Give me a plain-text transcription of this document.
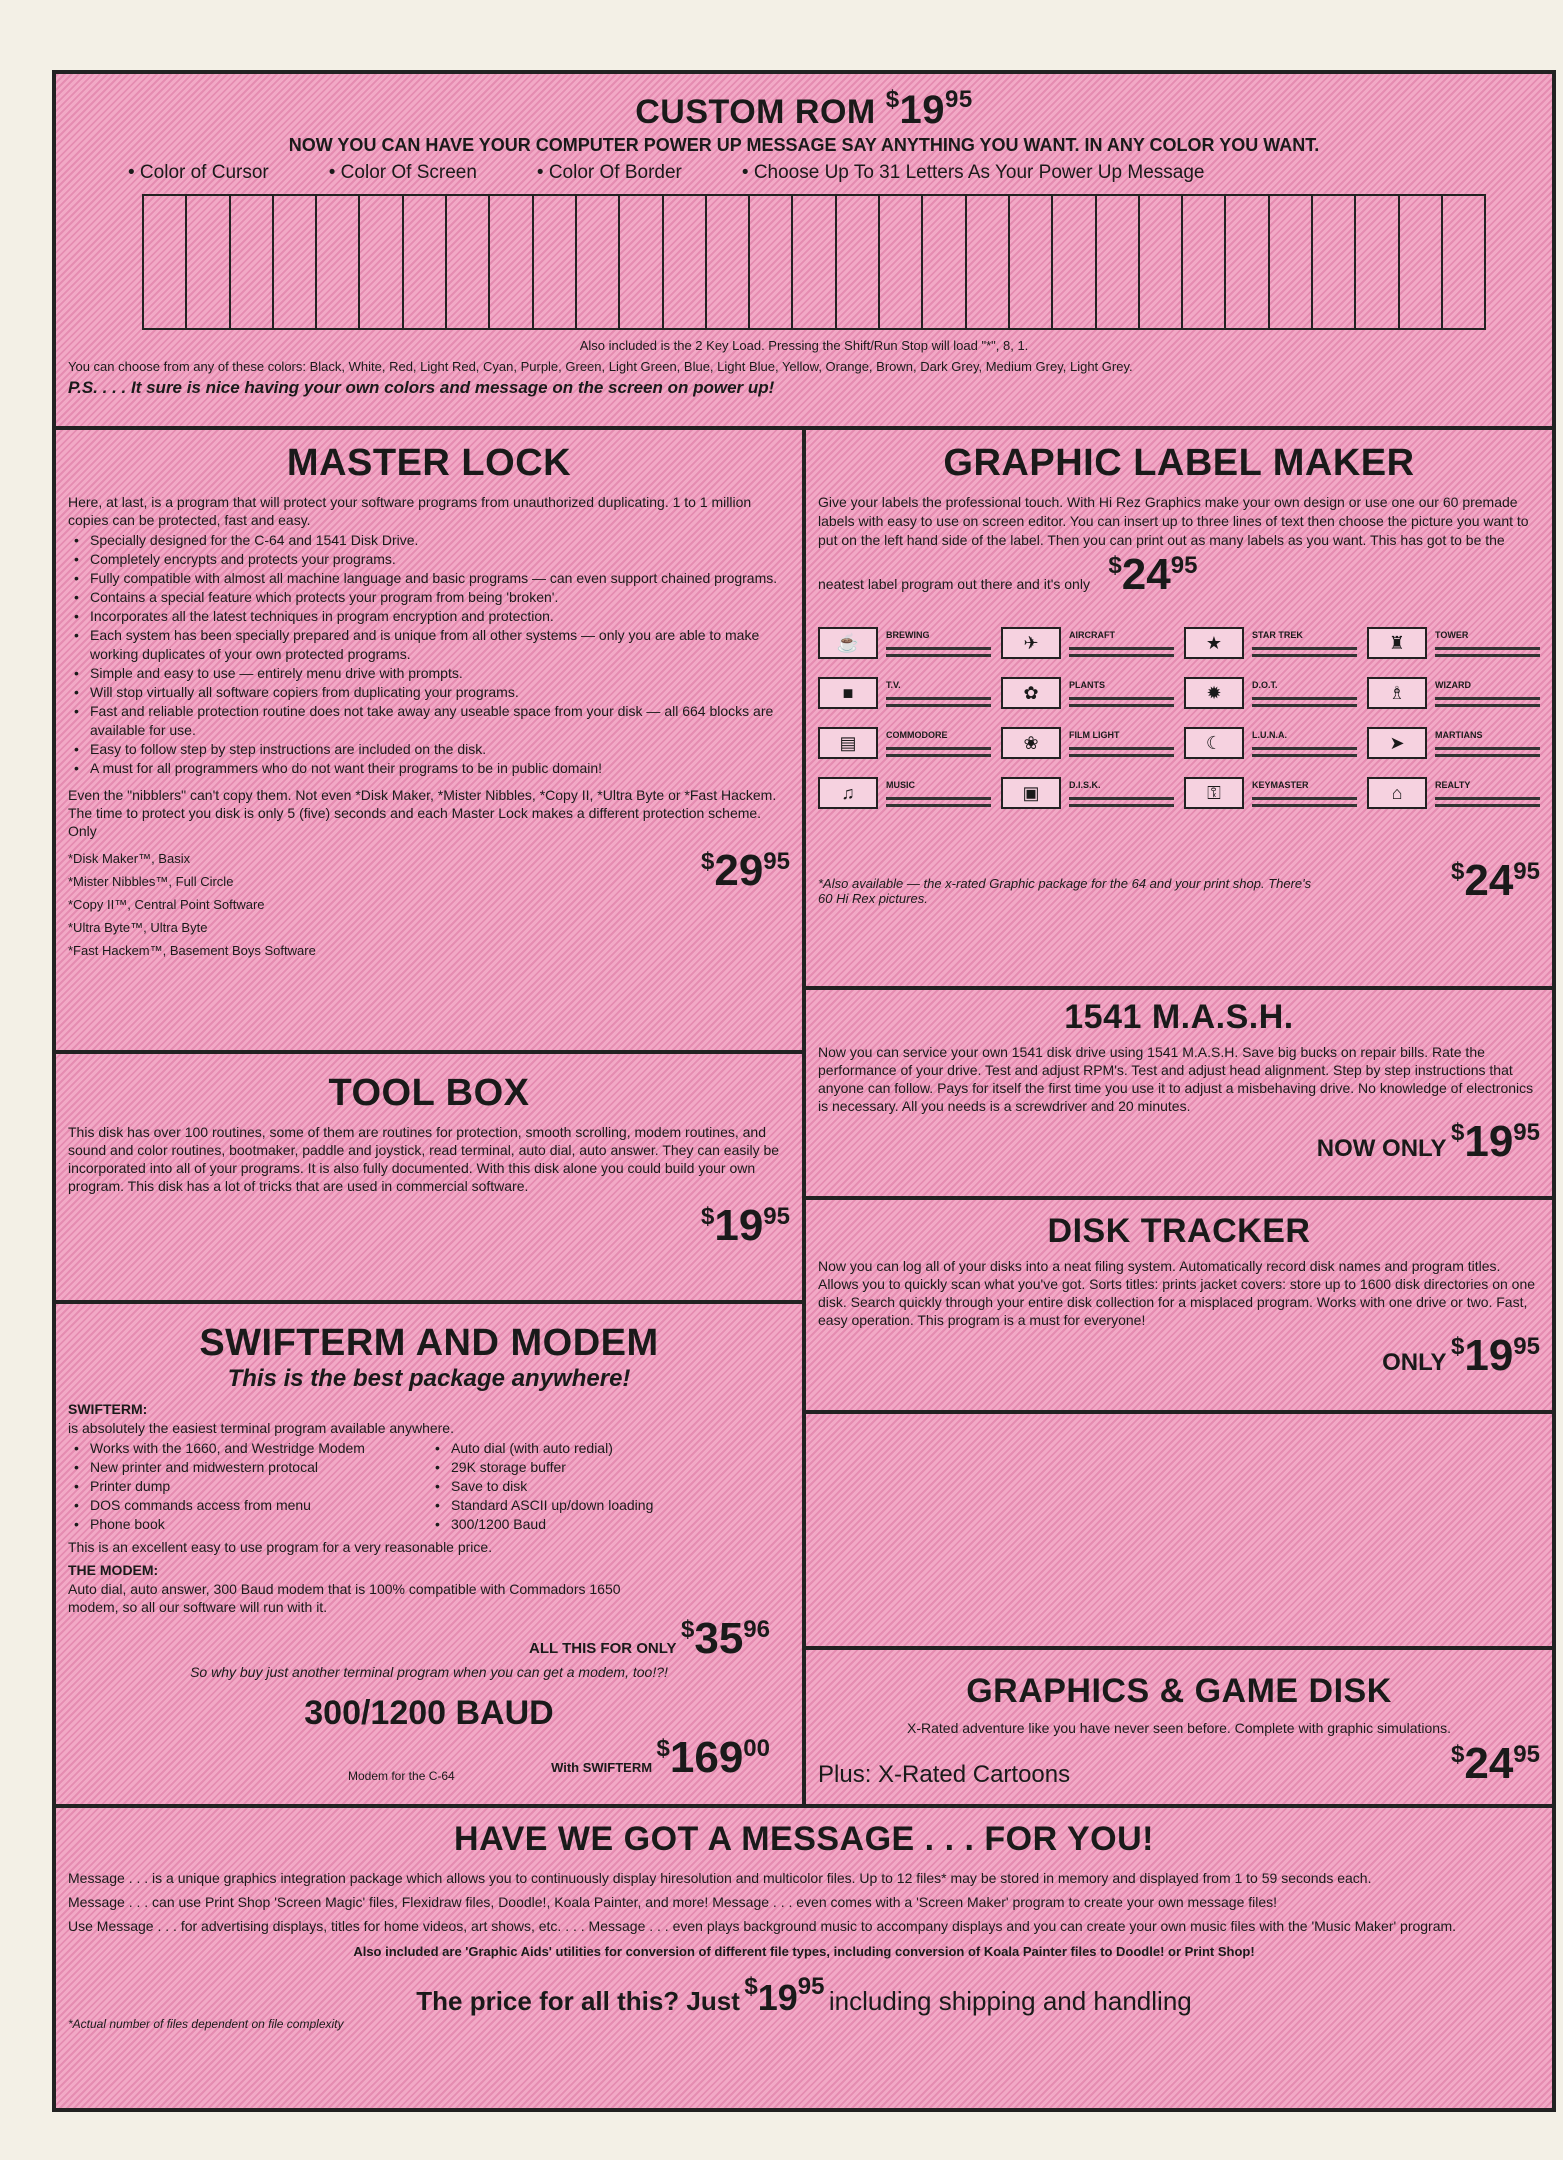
CUSTOM ROM $^{\$}19^{95}$
NOW YOU CAN HAVE YOUR COMPUTER POWER UP MESSAGE SAY ANYTHING YOU WANT. IN ANY COLOR YOU WANT.
• Color of Cursor	• Color Of Screen	• Color Of Border	• Choose Up To 31 Letters As Your Power Up Message
Also included is the 2 Key Load. Pressing the Shift/Run Stop will load "*", 8, 1.
You can choose from any of these colors: Black, White, Red, Light Red, Cyan, Purple, Green, Light Green, Blue, Light Blue, Yellow, Orange, Brown, Dark Grey, Medium Grey, Light Grey.
P.S. . . . It sure is nice having your own colors and message on the screen on power up!
MASTER LOCK
Here, at last, is a program that will protect your software programs from unauthorized duplicating. 1 to 1 million copies can be protected, fast and easy.
• Specially designed for the C-64 and 1541 Disk Drive.
• Completely encrypts and protects your programs.
• Fully compatible with almost all machine language and basic programs — can even support chained programs.
• Contains a special feature which protects your program from being 'broken'.
• Incorporates all the latest techniques in program encryption and protection.
• Each system has been specially prepared and is unique from all other systems — only you are able to make working duplicates of your own protected programs.
• Simple and easy to use — entirely menu drive with prompts.
• Will stop virtually all software copiers from duplicating your programs.
• Fast and reliable protection routine does not take away any useable space from your disk — all 664 blocks are available for use.
• Easy to follow step by step instructions are included on the disk.
• A must for all programmers who do not want their programs to be in public domain!
Even the "nibblers" can't copy them. Not even *Disk Maker, *Mister Nibbles, *Copy II, *Ultra Byte or *Fast Hackem. The time to protect you disk is only 5 (five) seconds and each Master Lock makes a different protection scheme. Only
*Disk Maker™, Basix
*Mister Nibbles™, Full Circle
*Copy II™, Central Point Software
*Ultra Byte™, Ultra Byte
*Fast Hackem™, Basement Boys Software
$^{\$}29^{95}$
GRAPHIC LABEL MAKER
Give your labels the professional touch. With Hi Rez Graphics make your own design or use one our 60 premade labels with easy to use on screen editor. You can insert up to three lines of text then choose the picture you want to put on the left hand side of the label. Then you can print out as many labels as you want. This has got to be the neatest label program out there and it's only $^{\$}24^{95}$
☕	BREWING	✈	AIRCRAFT	★	STAR TREK	♜	TOWER
■	T.V.	✿	PLANTS	✹	D.O.T.	♗	WIZARD
▤	COMMODORE	❀	FILM LIGHT	☾	L.U.N.A.	➤	MARTIANS
♫	MUSIC	▣	D.I.S.K.	⚿	KEYMASTER	⌂	REALTY
*Also available — the x-rated Graphic package for the 64 and your print shop. There's 60 Hi Rex pictures.
$^{\$}24^{95}$
1541 M.A.S.H.
Now you can service your own 1541 disk drive using 1541 M.A.S.H. Save big bucks on repair bills. Rate the performance of your drive. Test and adjust RPM's. Test and adjust head alignment. Step by step instructions that anyone can follow. Pays for itself the first time you use it to adjust a misbehaving drive. No knowledge of electronics is necessary. All you needs is a screwdriver and 20 minutes.
NOW ONLY $^{\$}19^{95}$
TOOL BOX
This disk has over 100 routines, some of them are routines for protection, smooth scrolling, modem routines, and sound and color routines, bootmaker, paddle and joystick, read terminal, auto dial, auto answer. They can easily be incorporated into all of your programs. It is also fully documented. With this disk alone you could build your own program. This disk has a lot of tricks that are used in commercial software.
$^{\$}19^{95}$	DISK TRACKER
Now you can log all of your disks into a neat filing system. Automatically record disk names and program titles. Allows you to quickly scan what you've got. Sorts titles: prints jacket covers: store up to 1600 disk directories on one disk. Search quickly through your entire disk collection for a misplaced program. Works with one drive or two. Fast, easy operation. This program is a must for everyone!
ONLY $^{\$}19^{95}$
SWIFTERM AND MODEM
This is the best package anywhere!
SWIFTERM:
is absolutely the easiest terminal program available anywhere.
• Works with the 1660, and Westridge Modem
• New printer and midwestern protocal
• Printer dump
• DOS commands access from menu
• Phone book
• Auto dial (with auto redial)
• 29K storage buffer
• Save to disk
• Standard ASCII up/down loading
• 300/1200 Baud
This is an excellent easy to use program for a very reasonable price.
THE MODEM:
Auto dial, auto answer, 300 Baud modem that is 100% compatible with Commadors 1650 modem, so all our software will run with it.
ALL THIS FOR ONLY $^{\$}35^{96}$
So why buy just another terminal program when you can get a modem, too!?!
300/1200 BAUD
Modem for the C-64
With SWIFTERM $^{\$}169^{00}$
GRAPHICS & GAME DISK
X-Rated adventure like you have never seen before. Complete with graphic simulations.
Plus: X-Rated Cartoons
$^{\$}24^{95}$
HAVE WE GOT A MESSAGE . . . FOR YOU!
Message . . . is a unique graphics integration package which allows you to continuously display hiresolution and multicolor files. Up to 12 files* may be stored in memory and displayed from 1 to 59 seconds each.
Message . . . can use Print Shop 'Screen Magic' files, Flexidraw files, Doodle!, Koala Painter, and more! Message . . . even comes with a 'Screen Maker' program to create your own message files!
Use Message . . . for advertising displays, titles for home videos, art shows, etc. . . . Message . . . even plays background music to accompany displays and you can create your own music files with the 'Music Maker' program.
Also included are 'Graphic Aids' utilities for conversion of different file types, including conversion of Koala Painter files to Doodle! or Print Shop!
The price for all this? Just $^{\$}19^{95}$ including shipping and handling
*Actual number of files dependent on file complexity
